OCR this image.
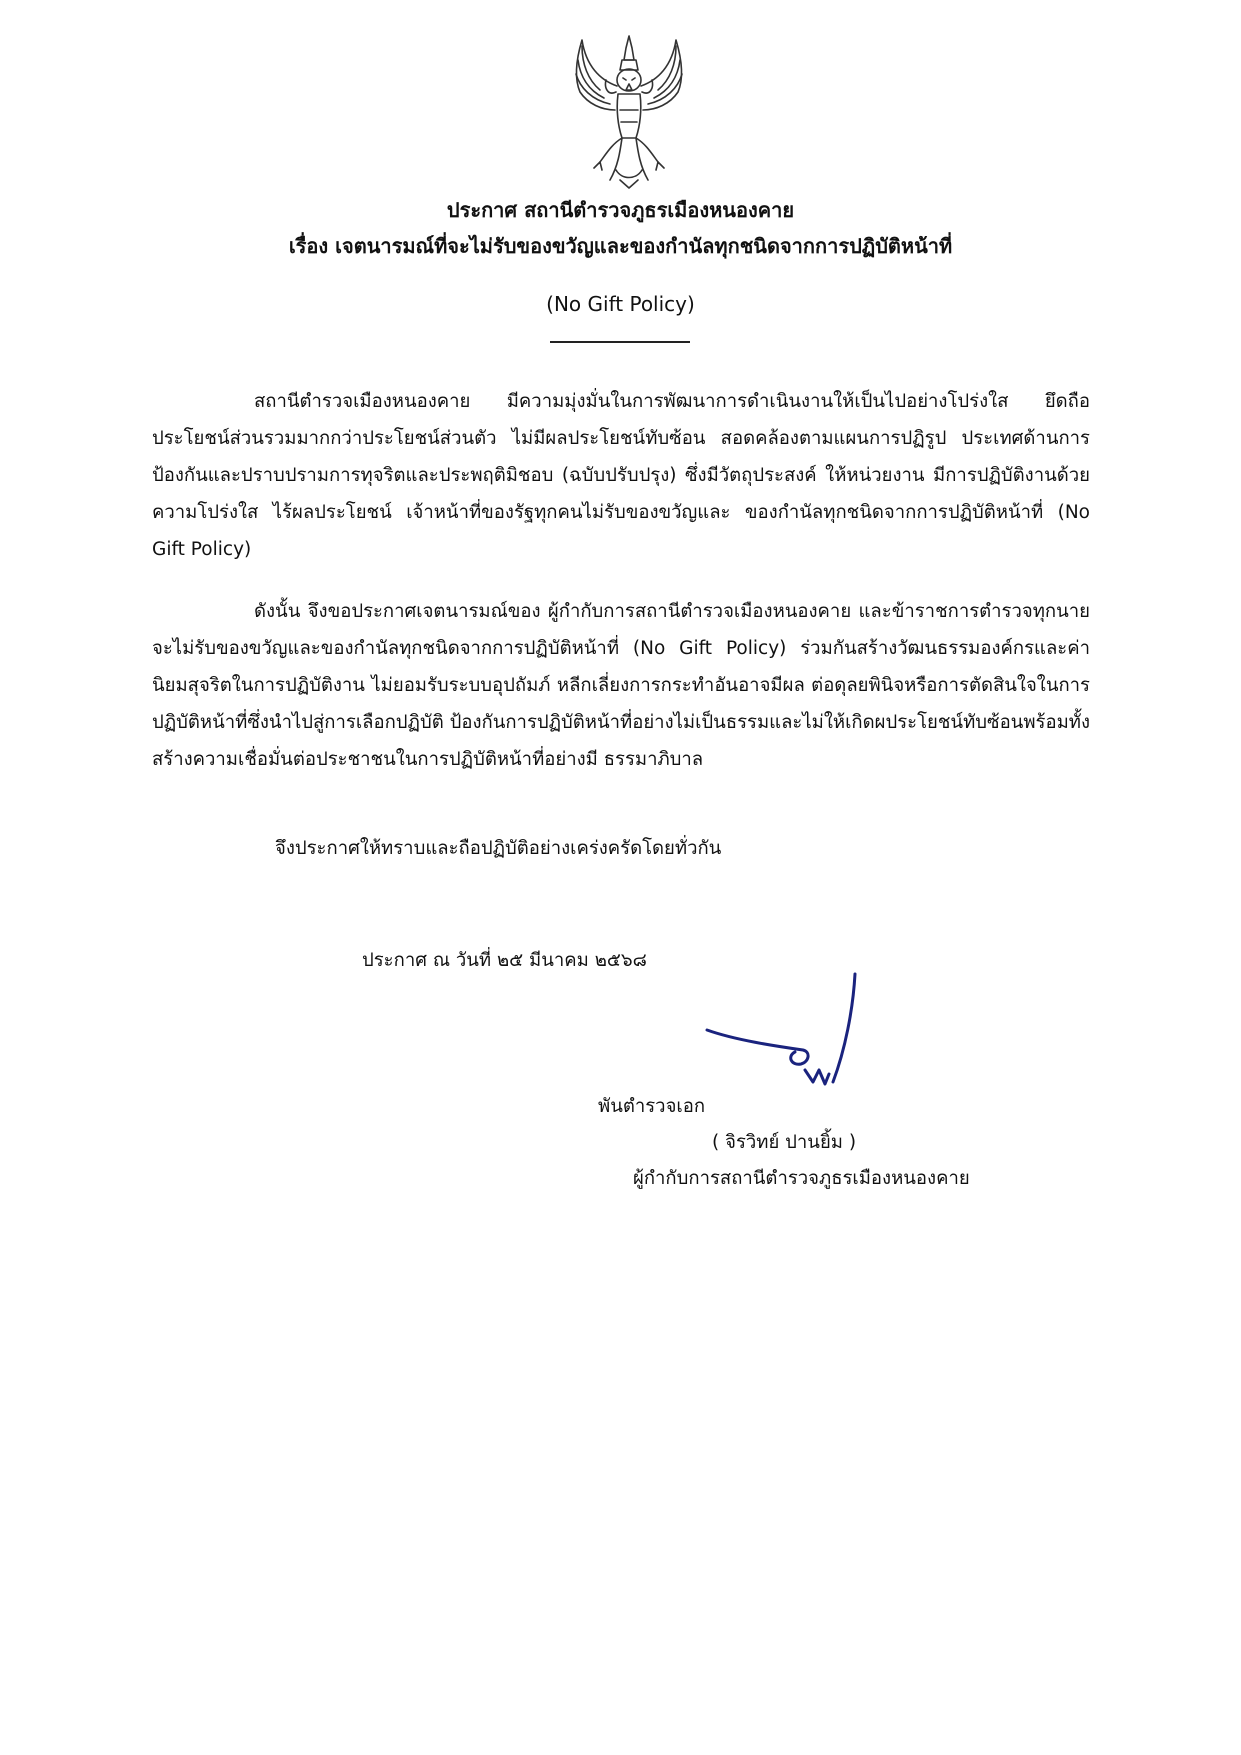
ประกาศ สถานีตำรวจภูธรเมืองหนองคาย
เรื่อง เจตนารมณ์ที่จะไม่รับของขวัญและของกำนัลทุกชนิดจากการปฏิบัติหน้าที่
(No Gift Policy)
สถานีตำรวจเมืองหนองคาย มีความมุ่งมั่นในการพัฒนาการดำเนินงานให้เป็นไปอย่างโปร่งใส ยึดถือประโยชน์ส่วนรวมมากกว่าประโยชน์ส่วนตัว ไม่มีผลประโยชน์ทับซ้อน สอดคล้องตามแผนการปฏิรูป ประเทศด้านการป้องกันและปราบปรามการทุจริตและประพฤติมิชอบ (ฉบับปรับปรุง) ซึ่งมีวัตถุประสงค์ ให้หน่วยงาน มีการปฏิบัติงานด้วยความโปร่งใส ไร้ผลประโยชน์ เจ้าหน้าที่ของรัฐทุกคนไม่รับของขวัญและ ของกำนัลทุกชนิดจากการปฏิบัติหน้าที่ (No Gift Policy)
ดังนั้น จึงขอประกาศเจตนารมณ์ของ ผู้กำกับการสถานีตำรวจเมืองหนองคาย และข้าราชการตำรวจทุกนาย จะไม่รับของขวัญและของกำนัลทุกชนิดจากการปฏิบัติหน้าที่ (No Gift Policy) ร่วมกันสร้างวัฒนธรรมองค์กรและค่านิยมสุจริตในการปฏิบัติงาน ไม่ยอมรับระบบอุปถัมภ์ หลีกเลี่ยงการกระทำอันอาจมีผล ต่อดุลยพินิจหรือการตัดสินใจในการปฏิบัติหน้าที่ซึ่งนำไปสู่การเลือกปฏิบัติ ป้องกันการปฏิบัติหน้าที่อย่างไม่เป็นธรรมและไม่ให้เกิดผประโยชน์ทับซ้อนพร้อมทั้งสร้างความเชื่อมั่นต่อประชาชนในการปฏิบัติหน้าที่อย่างมี ธรรมาภิบาล
จึงประกาศให้ทราบและถือปฏิบัติอย่างเคร่งครัดโดยทั่วกัน
ประกาศ ณ วันที่ ๒๕ มีนาคม ๒๕๖๘
พันตำรวจเอก
( จิรวิทย์ ปานยิ้ม )
ผู้กำกับการสถานีตำรวจภูธรเมืองหนองคาย
